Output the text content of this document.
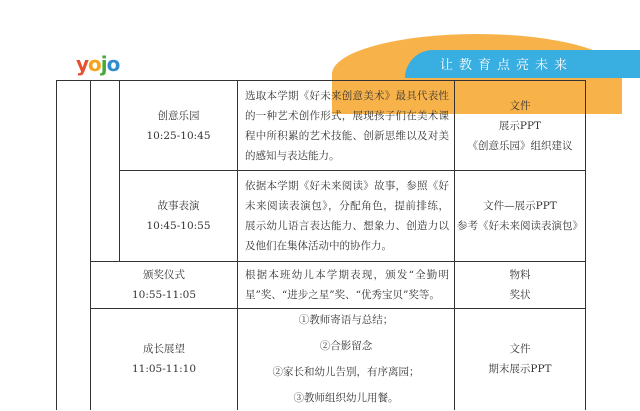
yojo	让教育点亮未来
创意乐园
10:25-10:45
选取本学期《好未来创意美术》最具代表性的一种艺术创作形式，展现孩子们在美术课程中所积累的艺术技能、创新思维以及对美的感知与表达能力。
文件
展示PPT
《创意乐园》组织建议
故事表演
10:45-10:55
依据本学期《好未来阅读》故事，参照《好未来阅读表演包》，分配角色，提前排练，展示幼儿语言表达能力、想象力、创造力以及他们在集体活动中的协作力。
文件—展示PPT
参考《好未来阅读表演包》
颁奖仪式
10:55-11:05
根据本班幼儿本学期表现，颁发“全勤明星”奖、“进步之星”奖、“优秀宝贝”奖等。
物料
奖状
成长展望
11:05-11:10
①教师寄语与总结；
②合影留念
②家长和幼儿告别，有序离园；
③教师组织幼儿用餐。
文件
期末展示PPT
